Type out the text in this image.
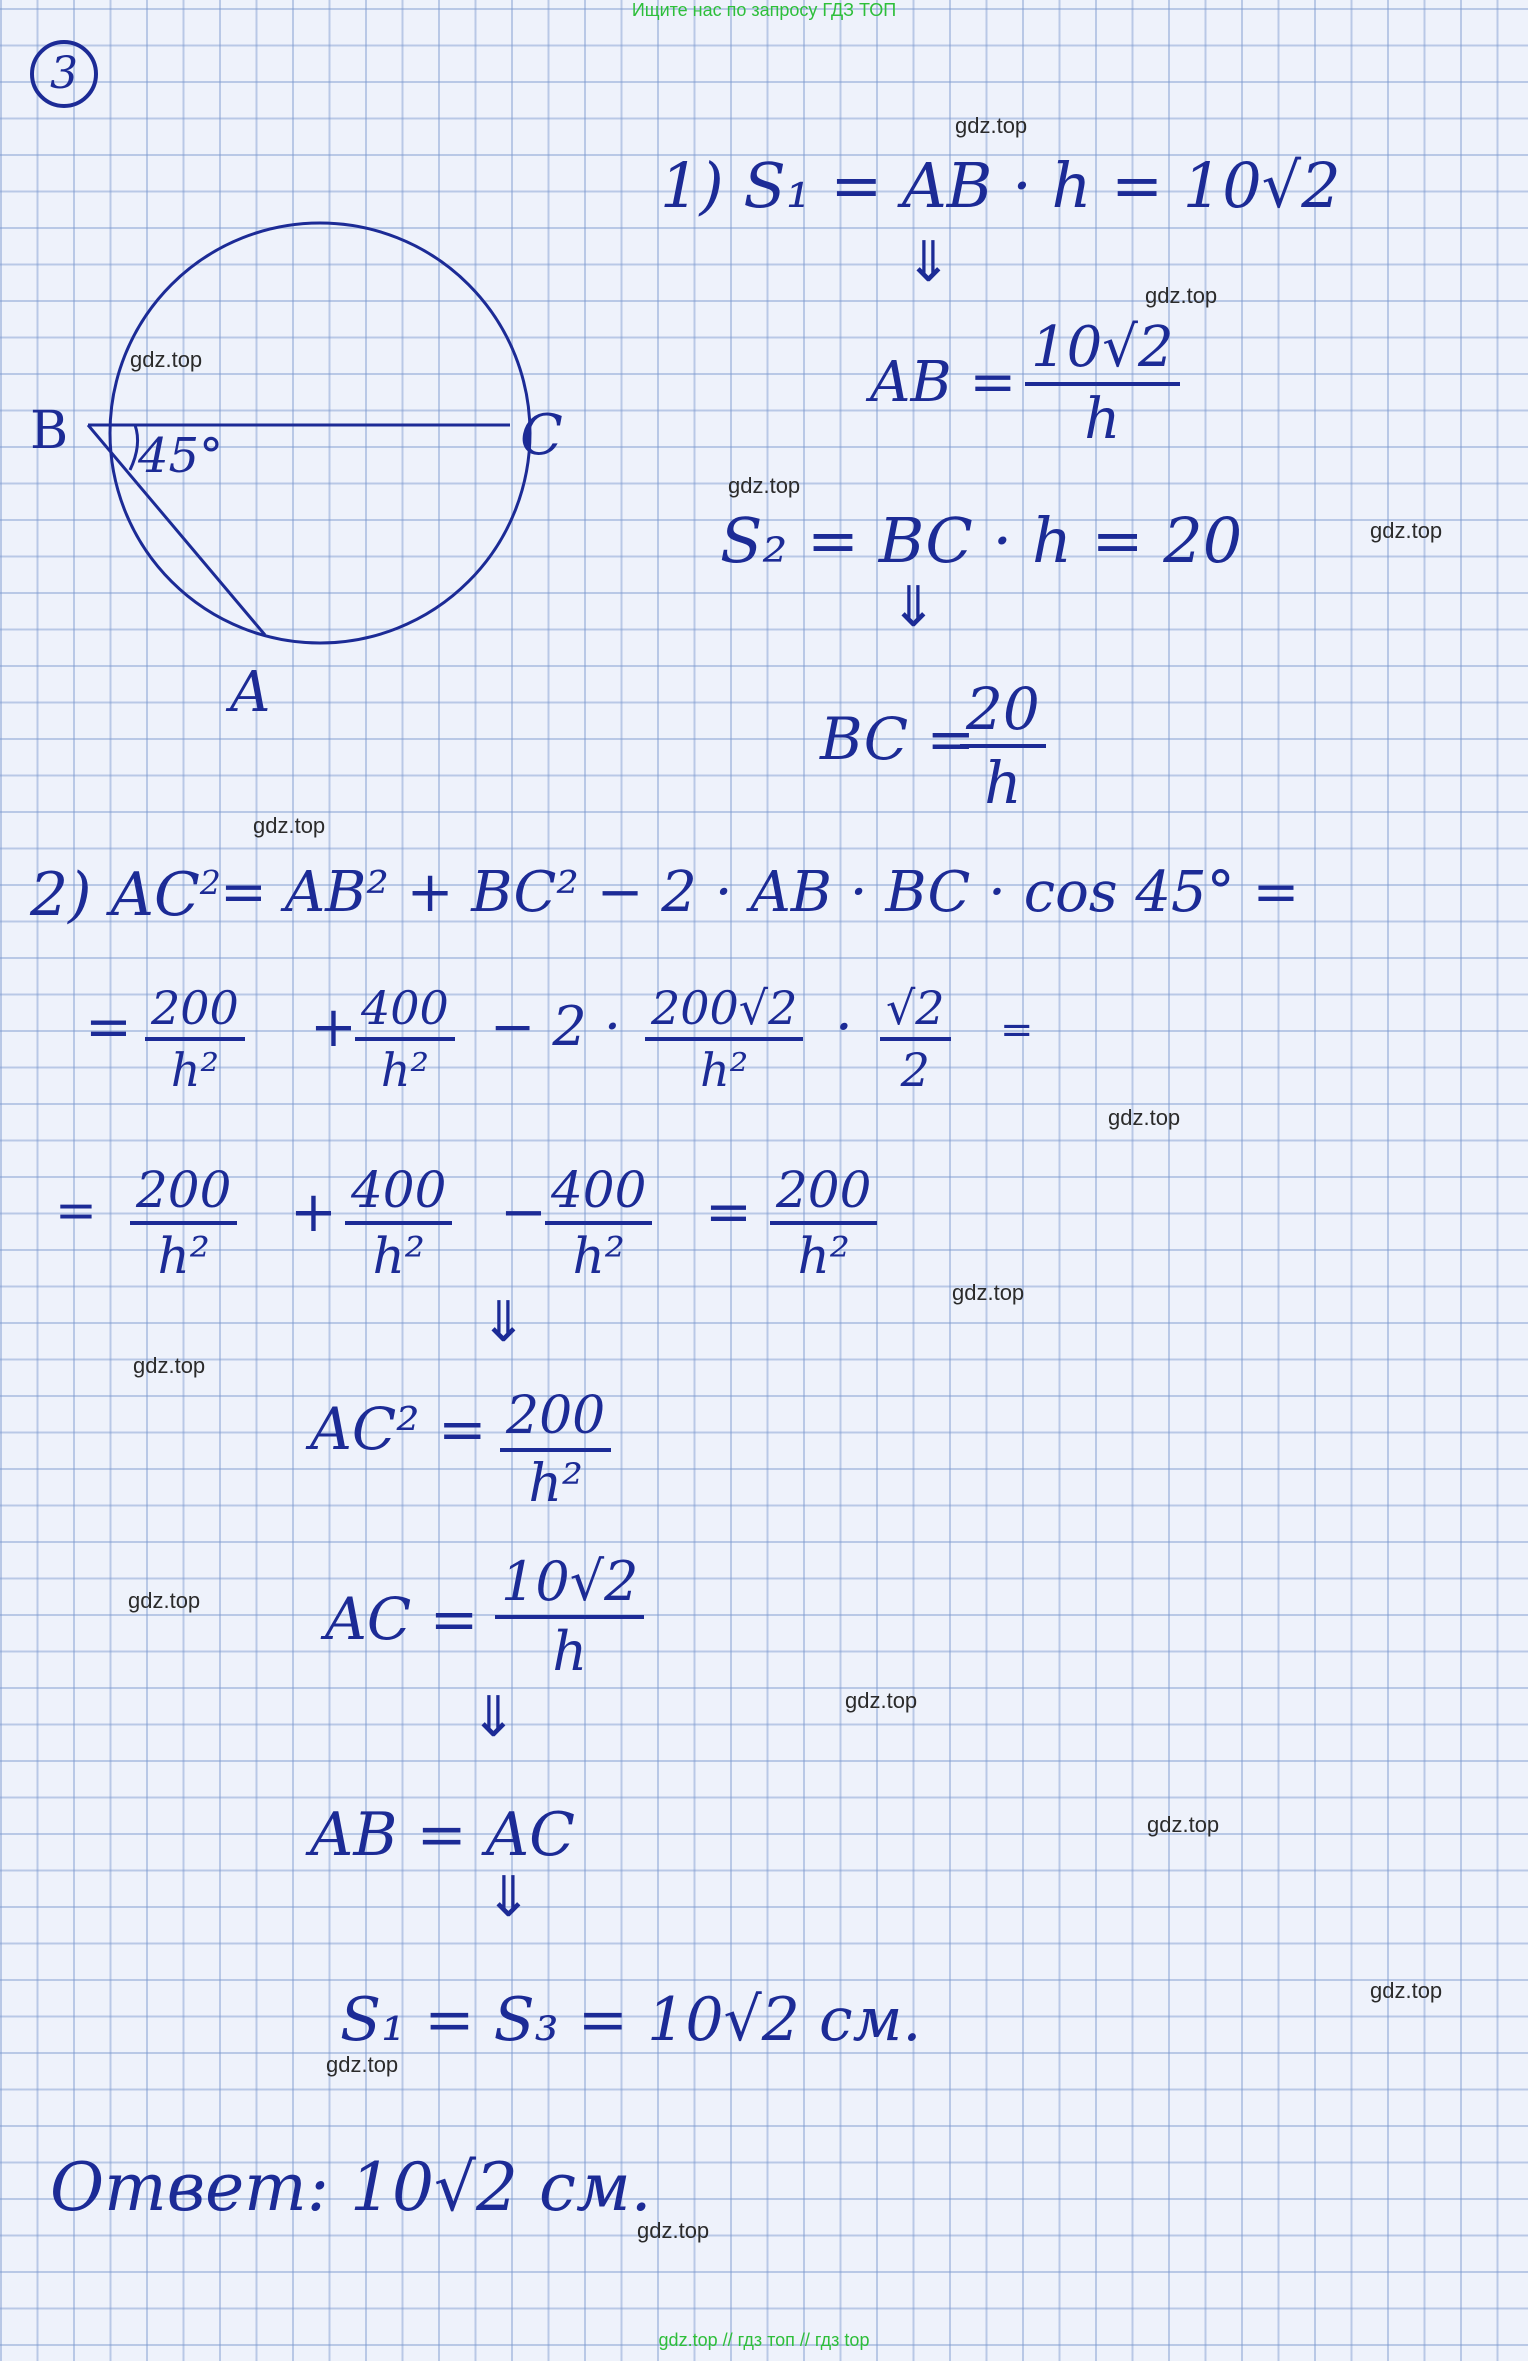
Ищите нас по запросу ГДЗ ТОП
3
B	C
A
45°
1) S₁ = AB · h = 10√2
⇓
AB = $\frac{10√2}{h}$
S₂ = BC · h = 20
⇓
BC =
$\frac{20}{h}$
2) $AC^2 = AB^2 + BC^2 - 2$ · AB · BC · cos 45° =
= $\frac{200}{\text{h²}}$ +
$\frac{400}{\text{h²}} - 2 \cdot \frac{200√2}{\text{h²}} \cdot \frac{√2}{2}$ =
= $\frac{200}{\text{h²}} + \frac{400}{\text{h²}}$ −
$\frac{400}{\text{h²}} = \frac{200}{\text{h²}}$
⇓
$AC^2 = \frac{200}{\text{h²}}$
AC = $\frac{10√2}{h}$
⇓
AB = AC
⇓
S₁ = S₃ = 10√2 см.
Ответ: 10√2 см.
gdz.top
gdz.top
gdz.top
gdz.top
gdz.top
gdz.top
gdz.top
gdz.top
gdz.top
gdz.top
gdz.top
gdz.top
gdz.top
gdz.top
gdz.top
gdz.top // гдз топ // гдз top
